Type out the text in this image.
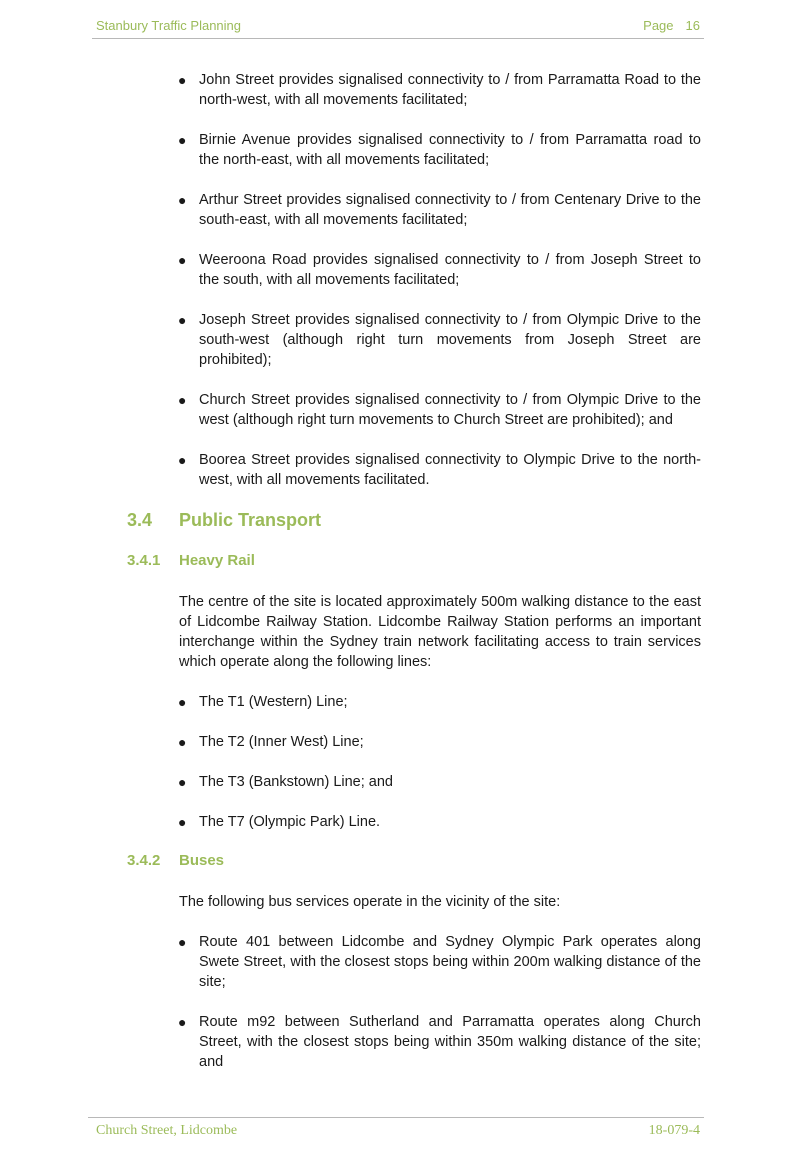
Stanbury Traffic Planning	Page 16
● John Street provides signalised connectivity to / from Parramatta Road to the north-west, with all movements facilitated;
● Birnie Avenue provides signalised connectivity to / from Parramatta road to the north-east, with all movements facilitated;
● Arthur Street provides signalised connectivity to / from Centenary Drive to the south-east, with all movements facilitated;
● Weeroona Road provides signalised connectivity to / from Joseph Street to the south, with all movements facilitated;
● Joseph Street provides signalised connectivity to / from Olympic Drive to the south-west (although right turn movements from Joseph Street are prohibited);
● Church Street provides signalised connectivity to / from Olympic Drive to the west (although right turn movements to Church Street are prohibited); and
● Boorea Street provides signalised connectivity to Olympic Drive to the north-west, with all movements facilitated.
3.4 Public Transport
3.4.1 Heavy Rail

The centre of the site is located approximately 500m walking distance to the east of Lidcombe Railway Station. Lidcombe Railway Station performs an important interchange within the Sydney train network facilitating access to train services which operate along the following lines:

● The T1 (Western) Line;
● The T2 (Inner West) Line;
● The T3 (Bankstown) Line; and
● The T7 (Olympic Park) Line.
3.4.2 Buses

The following bus services operate in the vicinity of the site:

● Route 401 between Lidcombe and Sydney Olympic Park operates along Swete Street, with the closest stops being within 200m walking distance of the site;
● Route m92 between Sutherland and Parramatta operates along Church Street, with the closest stops being within 350m walking distance of the site; and
Church Street, Lidcombe	18-079-4
